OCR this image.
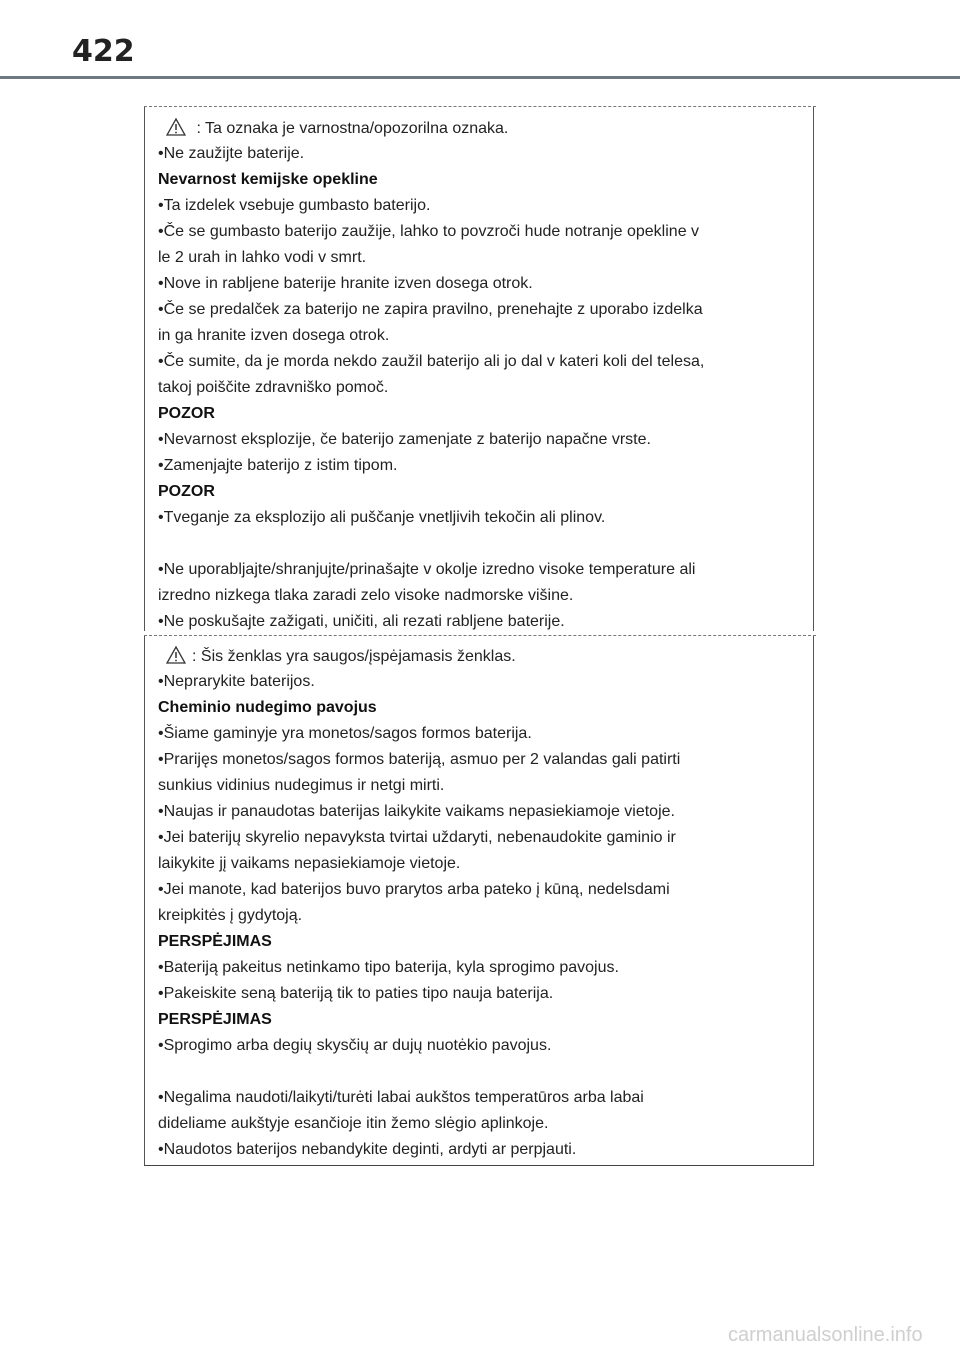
422
: Ta oznaka je varnostna/opozorilna oznaka.
•Ne zaužijte baterije.
Nevarnost kemijske opekline
•Ta izdelek vsebuje gumbasto baterijo.
•Če se gumbasto baterijo zaužije, lahko to povzroči hude notranje opekline v
le 2 urah in lahko vodi v smrt.
•Nove in rabljene baterije hranite izven dosega otrok.
•Če se predalček za baterijo ne zapira pravilno, prenehajte z uporabo izdelka
in ga hranite izven dosega otrok.
•Če sumite, da je morda nekdo zaužil baterijo ali jo dal v kateri koli del telesa,
takoj poiščite zdravniško pomoč.
POZOR
•Nevarnost eksplozije, če baterijo zamenjate z baterijo napačne vrste.
•Zamenjajte baterijo z istim tipom.
POZOR
•Tveganje za eksplozijo ali puščanje vnetljivih tekočin ali plinov.
•Ne uporabljajte/shranjujte/prinašajte v okolje izredno visoke temperature ali
izredno nizkega tlaka zaradi zelo visoke nadmorske višine.
•Ne poskušajte zažigati, uničiti, ali rezati rabljene baterije.
: Šis ženklas yra saugos/įspėjamasis ženklas.
•Neprarykite baterijos.
Cheminio nudegimo pavojus
•Šiame gaminyje yra monetos/sagos formos baterija.
•Prarijęs monetos/sagos formos bateriją, asmuo per 2 valandas gali patirti
sunkius vidinius nudegimus ir netgi mirti.
•Naujas ir panaudotas baterijas laikykite vaikams nepasiekiamoje vietoje.
•Jei baterijų skyrelio nepavyksta tvirtai uždaryti, nebenaudokite gaminio ir
laikykite jį vaikams nepasiekiamoje vietoje.
•Jei manote, kad baterijos buvo prarytos arba pateko į kūną, nedelsdami
kreipkitės į gydytoją.
PERSPĖJIMAS
•Bateriją pakeitus netinkamo tipo baterija, kyla sprogimo pavojus.
•Pakeiskite seną bateriją tik to paties tipo nauja baterija.
PERSPĖJIMAS
•Sprogimo arba degių skysčių ar dujų nuotėkio pavojus.
•Negalima naudoti/laikyti/turėti labai aukštos temperatūros arba labai
dideliame aukštyje esančioje itin žemo slėgio aplinkoje.
•Naudotos baterijos nebandykite deginti, ardyti ar perpjauti.
carmanualsonline.info
